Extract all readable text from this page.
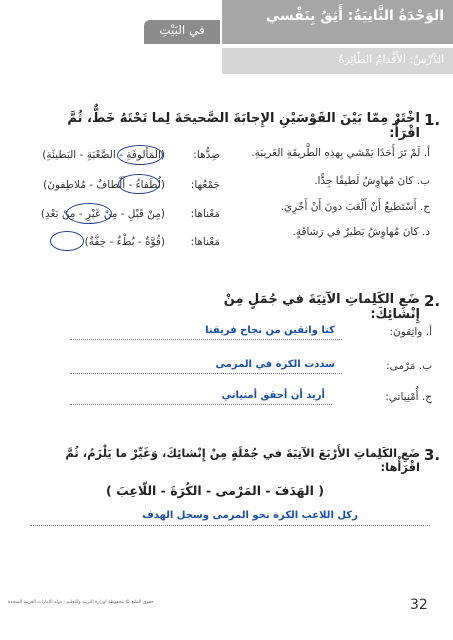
الوَحْدَةُ الثَّانِيَةُ: أَثِقُ بِنَفْسي
في البَيْتِ
الدَّرْسُ: الأَقْدامُ الطّائِرَةُ
1.
اخْتَرْ مِمّا بَيْنَ القَوْسَيْنِ الإِجابَةَ الصَّحيحَةَ لِما تَحْتَهُ خَطٌّ، ثُمَّ اقْرَأْ:
أ. لَمْ تَرَ أَحَدًا يَمْشي بِهذِهِ الطَّريقَةِ الغَريبَةِ.
ضِدُّها:
(المَألوفَةِ - الصَّعْبَةِ - البَطيئَةِ)
ب. كانَ مُهاوِشُ لَطيفًا جِدًّا.
جَمْعُها:
(لُطَفاءُ - أَلْطافٌ - مُلاطِفونَ)
ج. أَسْتَطيعُ أَنْ أَلْعَبَ دونَ أَنْ أَجْرِيَ.
مَعْناها:
(مِنْ قَبْلِ - مِنْ غَيْرِ - مِنْ بَعْدِ)
د. كانَ مُهاوِشُ يَطيرُ في رَشاقَةٍ.
مَعْناها:
(قُوَّةٌ - بُطْءٌ - خِفَّةٌ)
2.
ضَعِ الكَلِماتِ الآتِيَةَ في جُمَلٍ مِنْ إِنْشائِكَ:
أ. واثِقونَ:
كنا واثقين من نجاح فريقنا
ب. مَرْمى:
سددت الكرة في المرمى
ج. أُمْنِياتي:
أريد أن أحقق أمنياتي
3.
ضَعِ الكَلِماتِ الأَرْبَعَ الآتِيَةَ في جُمْلَةٍ مِنْ إِنْشائِكَ، وَغَيِّرْ ما يَلْزَمُ، ثُمَّ اقْرَأْها:
( الهَدَفَ - المَرْمى - الكُرَةَ - اللّاعِبَ )
ركل اللاعب الكرة نحو المرمى وسجل الهدف
حقوق الطبع © محفوظة لوزارة التربية والتعليم - دولة الإمارات العربية المتحدة	32
